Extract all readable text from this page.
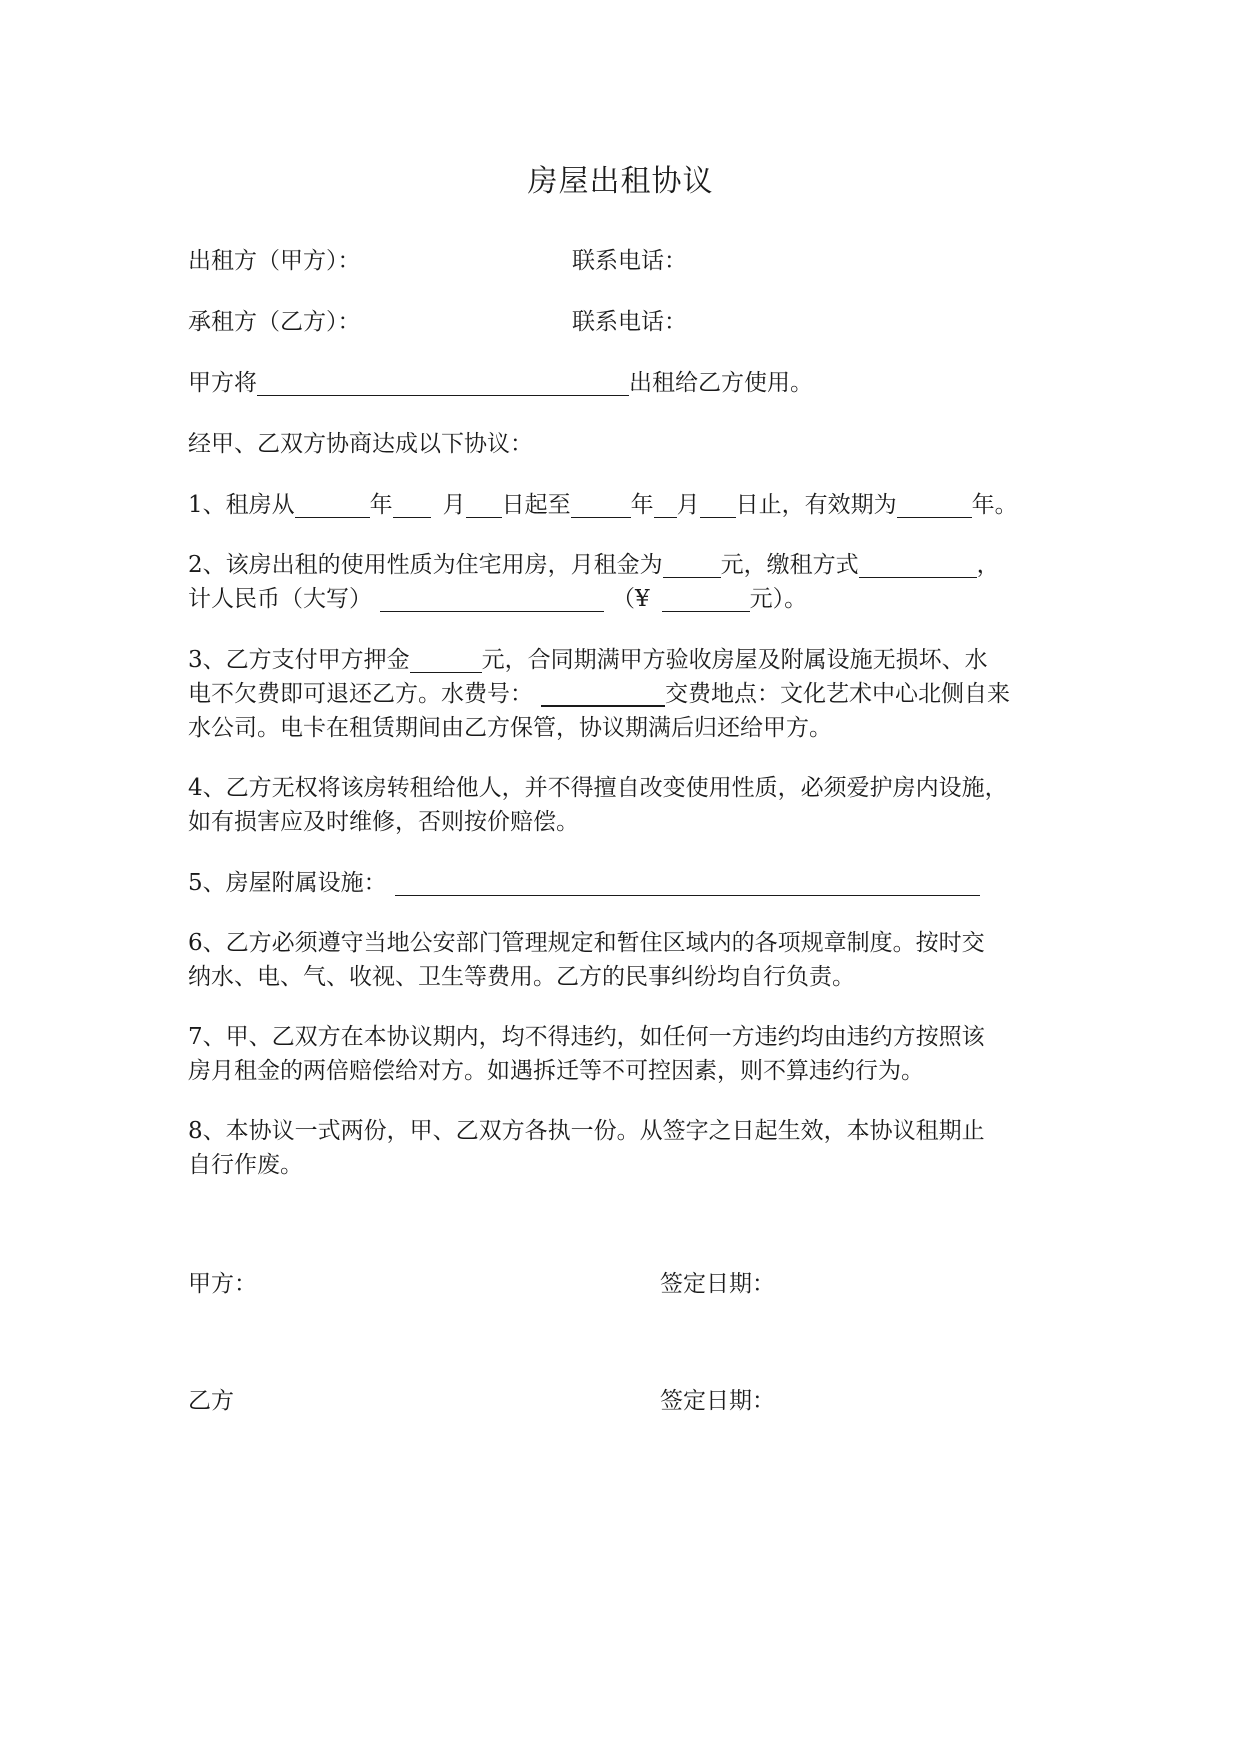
房屋出租协议
出租方（甲方）：	联系电话：
承租方（乙方）：	联系电话：
甲方将	出租给乙方使用。
经甲、乙双方协商达成以下协议：
1、租房从	年 月 日起至	年 月 日止，有效期为	年。
2、该房出租的使用性质为住宅用房，月租金为	元，缴租方式	，
计人民币（大写）	（¥	元）。
3、乙方支付甲方押金	元，合同期满甲方验收房屋及附属设施无损坏、水
电不欠费即可退还乙方。水费号：	交费地点：文化艺术中心北侧自来
水公司。电卡在租赁期间由乙方保管，协议期满后归还给甲方。
4、乙方无权将该房转租给他人，并不得擅自改变使用性质，必须爱护房内设施，
如有损害应及时维修，否则按价赔偿。
5、房屋附属设施：
6、乙方必须遵守当地公安部门管理规定和暂住区域内的各项规章制度。按时交
纳水、电、气、收视、卫生等费用。乙方的民事纠纷均自行负责。
7、甲、乙双方在本协议期内，均不得违约，如任何一方违约均由违约方按照该
房月租金的两倍赔偿给对方。如遇拆迁等不可控因素，则不算违约行为。
8、本协议一式两份，甲、乙双方各执一份。从签字之日起生效，本协议租期止
自行作废。
甲方：	签定日期：
乙方	签定日期：
